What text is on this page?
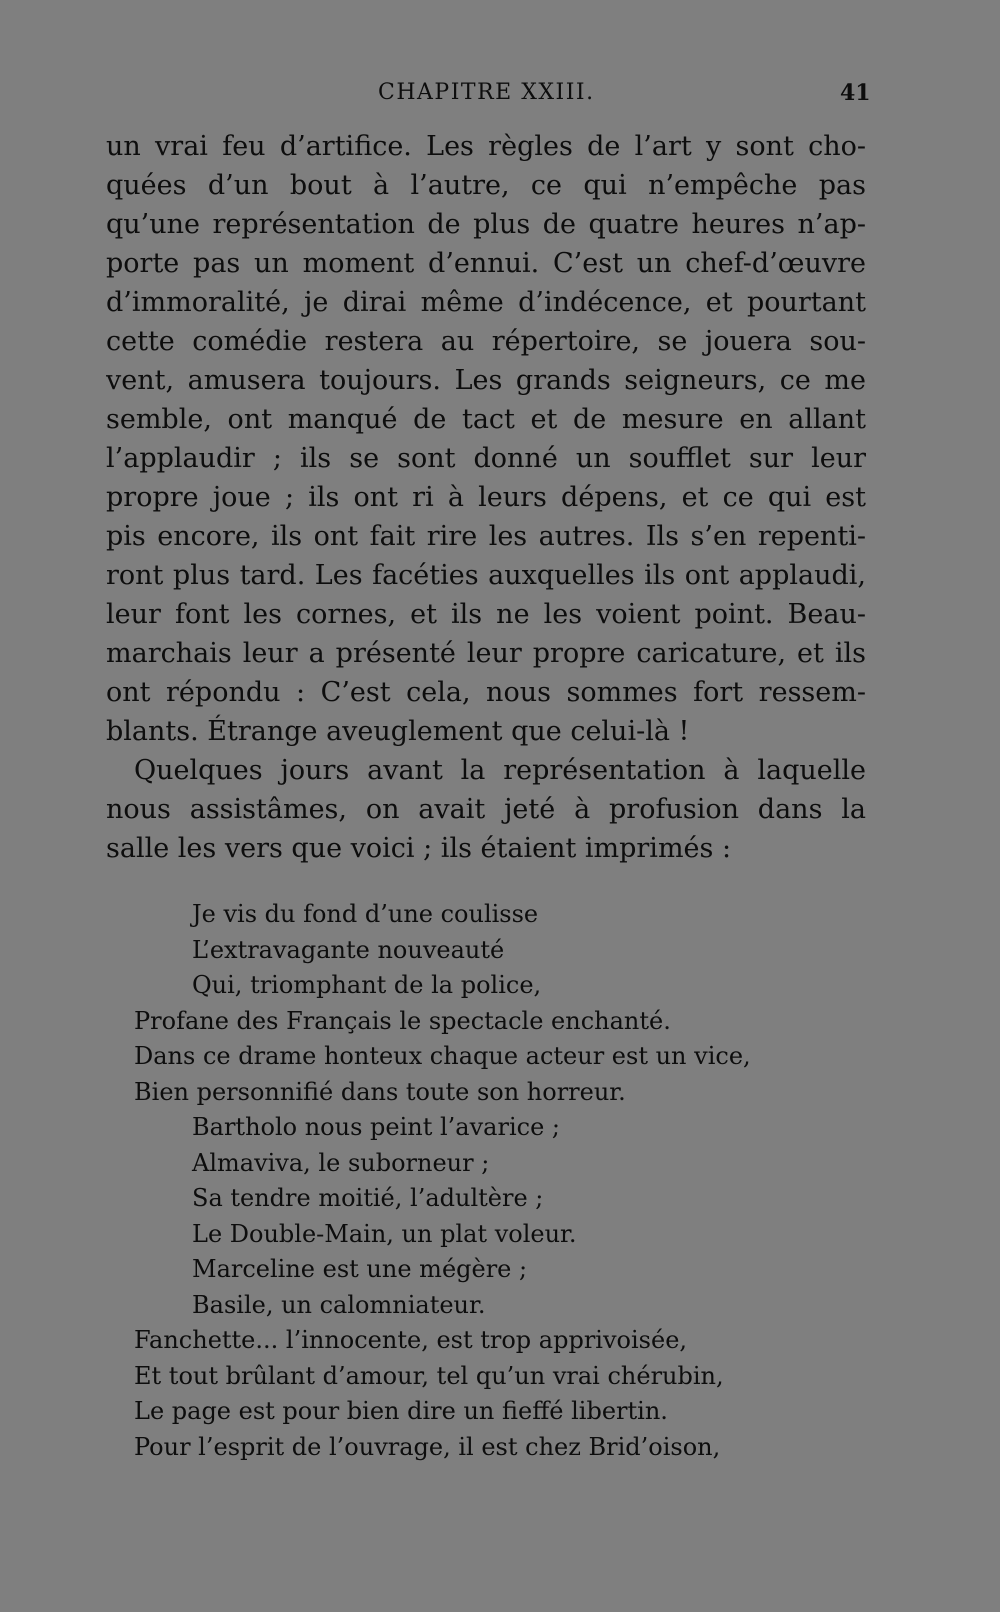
CHAPITRE XXIII.	41
un vrai feu d’artifice. Les règles de l’art y sont cho-
quées d’un bout à l’autre, ce qui n’empêche pas
qu’une représentation de plus de quatre heures n’ap-
porte pas un moment d’ennui. C’est un chef-d’œuvre
d’immoralité, je dirai même d’indécence, et pourtant
cette comédie restera au répertoire, se jouera sou-
vent, amusera toujours. Les grands seigneurs, ce me
semble, ont manqué de tact et de mesure en allant
l’applaudir ; ils se sont donné un soufflet sur leur
propre joue ; ils ont ri à leurs dépens, et ce qui est
pis encore, ils ont fait rire les autres. Ils s’en repenti-
ront plus tard. Les facéties auxquelles ils ont applaudi,
leur font les cornes, et ils ne les voient point. Beau-
marchais leur a présenté leur propre caricature, et ils
ont répondu : C’est cela, nous sommes fort ressem-
blants. Étrange aveuglement que celui-là !
Quelques jours avant la représentation à laquelle
nous assistâmes, on avait jeté à profusion dans la
salle les vers que voici ; ils étaient imprimés :
Je vis du fond d’une coulisse
L’extravagante nouveauté
Qui, triomphant de la police,
Profane des Français le spectacle enchanté.
Dans ce drame honteux chaque acteur est un vice,
Bien personnifié dans toute son horreur.
Bartholo nous peint l’avarice ;
Almaviva, le suborneur ;
Sa tendre moitié, l’adultère ;
Le Double-Main, un plat voleur.
Marceline est une mégère ;
Basile, un calomniateur.
Fanchette... l’innocente, est trop apprivoisée,
Et tout brûlant d’amour, tel qu’un vrai chérubin,
Le page est pour bien dire un fieffé libertin.
Pour l’esprit de l’ouvrage, il est chez Brid’oison,
